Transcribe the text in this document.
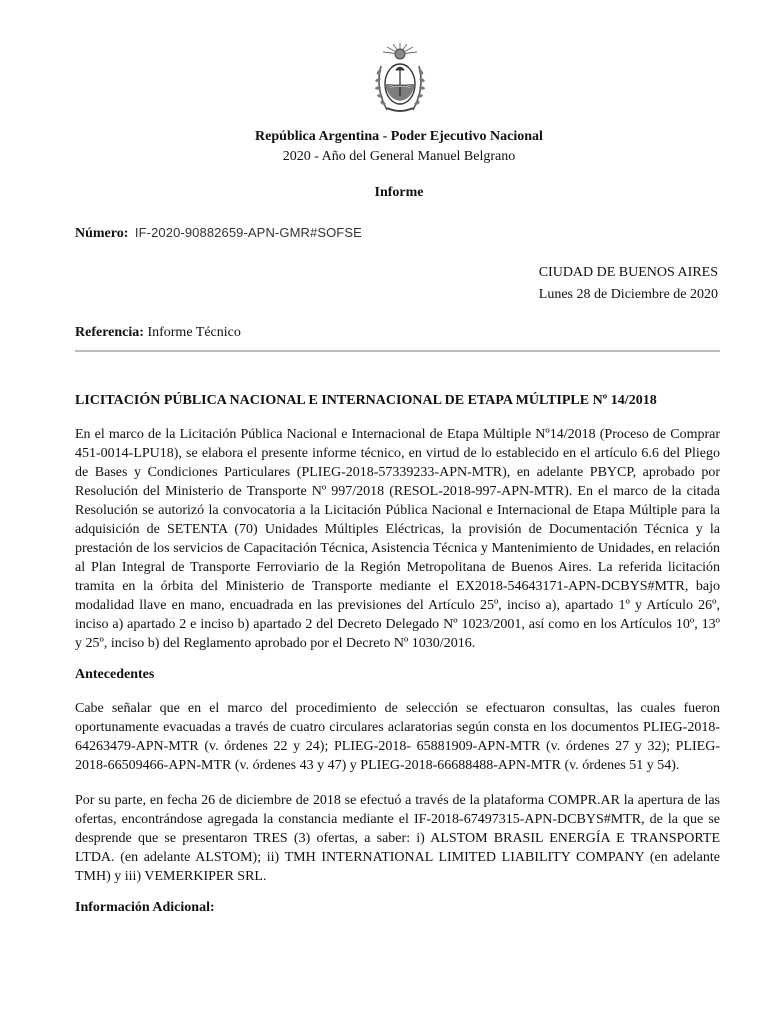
República Argentina - Poder Ejecutivo Nacional
2020 - Año del General Manuel Belgrano
Informe
Número: IF-2020-90882659-APN-GMR#SOFSE
CIUDAD DE BUENOS AIRES
Lunes 28 de Diciembre de 2020
Referencia: Informe Técnico
LICITACIÓN PÚBLICA NACIONAL E INTERNACIONAL DE ETAPA MÚLTIPLE Nº 14/2018
En el marco de la Licitación Pública Nacional e Internacional de Etapa Múltiple Nº14/2018 (Proceso de Comprar 451-0014-LPU18), se elabora el presente informe técnico, en virtud de lo establecido en el artículo 6.6 del Pliego de Bases y Condiciones Particulares (PLIEG-2018-57339233-APN-MTR), en adelante PBYCP, aprobado por Resolución del Ministerio de Transporte Nº 997/2018 (RESOL-2018-997-APN-MTR). En el marco de la citada Resolución se autorizó la convocatoria a la Licitación Pública Nacional e Internacional de Etapa Múltiple para la adquisición de SETENTA (70) Unidades Múltiples Eléctricas, la provisión de Documentación Técnica y la prestación de los servicios de Capacitación Técnica, Asistencia Técnica y Mantenimiento de Unidades, en relación al Plan Integral de Transporte Ferroviario de la Región Metropolitana de Buenos Aires. La referida licitación tramita en la órbita del Ministerio de Transporte mediante el EX2018-54643171-APN-DCBYS#MTR, bajo modalidad llave en mano, encuadrada en las previsiones del Artículo 25º, inciso a), apartado 1º y Artículo 26º, inciso a) apartado 2 e inciso b) apartado 2 del Decreto Delegado Nº 1023/2001, así como en los Artículos 10º, 13º y 25º, inciso b) del Reglamento aprobado por el Decreto Nº 1030/2016.
Antecedentes
Cabe señalar que en el marco del procedimiento de selección se efectuaron consultas, las cuales fueron oportunamente evacuadas a través de cuatro circulares aclaratorias según consta en los documentos PLIEG-2018-64263479-APN-MTR (v. órdenes 22 y 24); PLIEG-2018- 65881909-APN-MTR (v. órdenes 27 y 32); PLIEG-2018-66509466-APN-MTR (v. órdenes 43 y 47) y PLIEG-2018-66688488-APN-MTR (v. órdenes 51 y 54).
Por su parte, en fecha 26 de diciembre de 2018 se efectuó a través de la plataforma COMPR.AR la apertura de las ofertas, encontrándose agregada la constancia mediante el IF-2018-67497315-APN-DCBYS#MTR, de la que se desprende que se presentaron TRES (3) ofertas, a saber: i) ALSTOM BRASIL ENERGÍA E TRANSPORTE LTDA. (en adelante ALSTOM); ii) TMH INTERNATIONAL LIMITED LIABILITY COMPANY (en adelante TMH) y iii) VEMERKIPER SRL.
Información Adicional:
